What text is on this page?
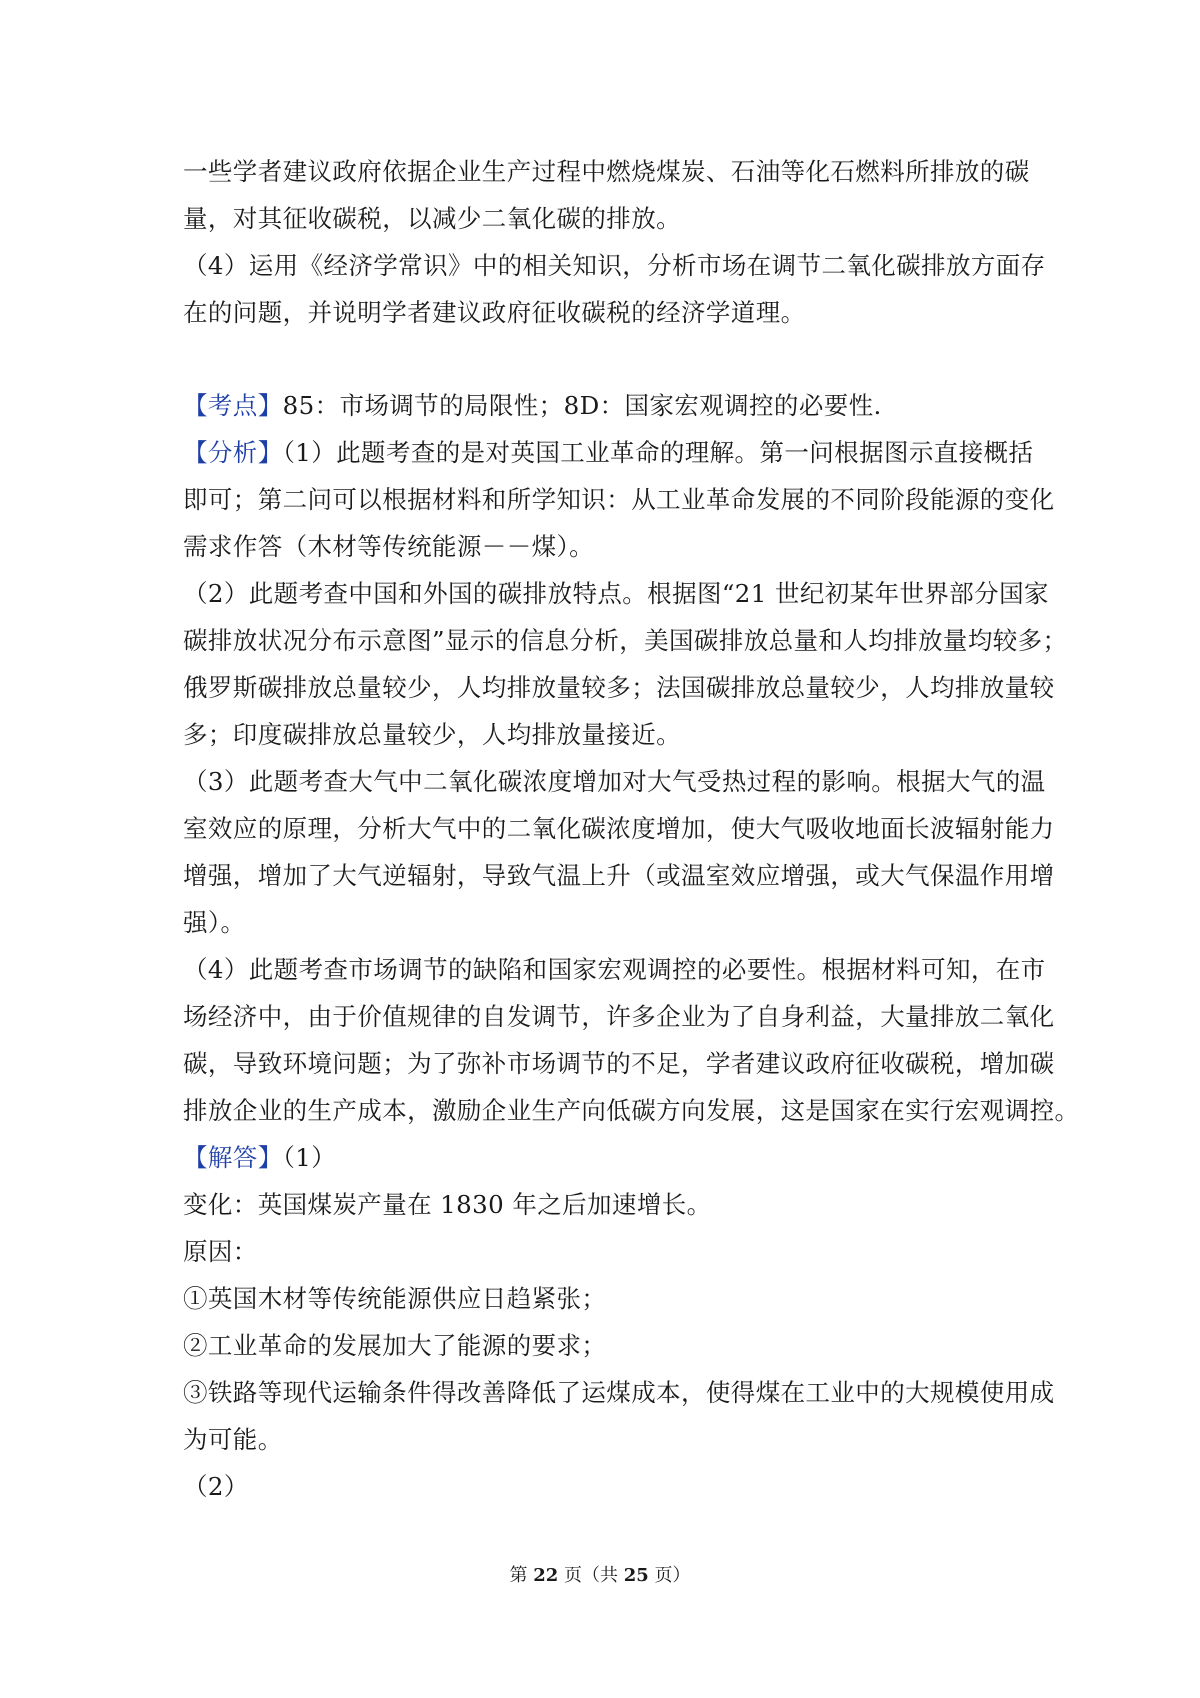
一些学者建议政府依据企业生产过程中燃烧煤炭、石油等化石燃料所排放的碳
量，对其征收碳税，以减少二氧化碳的排放。
（4）运用《经济学常识》中的相关知识，分析市场在调节二氧化碳排放方面存
在的问题，并说明学者建议政府征收碳税的经济学道理。
【考点】85：市场调节的局限性；8D：国家宏观调控的必要性.
【分析】（1）此题考查的是对英国工业革命的理解。第一问根据图示直接概括
即可；第二问可以根据材料和所学知识：从工业革命发展的不同阶段能源的变化
需求作答（木材等传统能源－－煤）。
（2）此题考查中国和外国的碳排放特点。根据图“21 世纪初某年世界部分国家
碳排放状况分布示意图”显示的信息分析，美国碳排放总量和人均排放量均较多；
俄罗斯碳排放总量较少，人均排放量较多；法国碳排放总量较少，人均排放量较
多；印度碳排放总量较少，人均排放量接近。
（3）此题考查大气中二氧化碳浓度增加对大气受热过程的影响。根据大气的温
室效应的原理，分析大气中的二氧化碳浓度增加，使大气吸收地面长波辐射能力
增强，增加了大气逆辐射，导致气温上升（或温室效应增强，或大气保温作用增
强）。
（4）此题考查市场调节的缺陷和国家宏观调控的必要性。根据材料可知，在市
场经济中，由于价值规律的自发调节，许多企业为了自身利益，大量排放二氧化
碳，导致环境问题；为了弥补市场调节的不足，学者建议政府征收碳税，增加碳
排放企业的生产成本，激励企业生产向低碳方向发展，这是国家在实行宏观调控。
【解答】（1）
变化：英国煤炭产量在 1830 年之后加速增长。
原因：
①英国木材等传统能源供应日趋紧张；
②工业革命的发展加大了能源的要求；
③铁路等现代运输条件得改善降低了运煤成本，使得煤在工业中的大规模使用成
为可能。
（2）
第 22 页（共 25 页）
